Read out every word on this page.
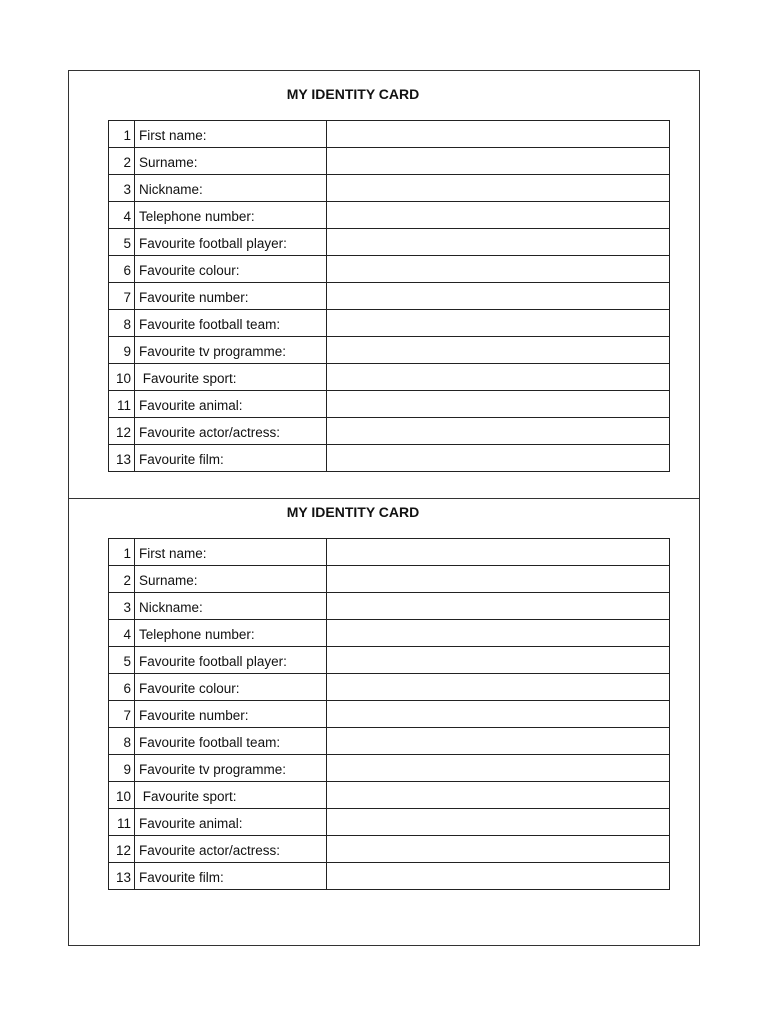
MY IDENTITY CARD
1	First name:	
2	Surname:	
3	Nickname:	
4	Telephone number:	
5	Favourite football player:	
6	Favourite colour:	
7	Favourite number:	
8	Favourite football team:	
9	Favourite tv programme:	
10	Favourite sport:	
11	Favourite animal:	
12	Favourite actor/actress:	
13	Favourite film:	
MY IDENTITY CARD
1	First name:	
2	Surname:	
3	Nickname:	
4	Telephone number:	
5	Favourite football player:	
6	Favourite colour:	
7	Favourite number:	
8	Favourite football team:	
9	Favourite tv programme:	
10	Favourite sport:	
11	Favourite animal:	
12	Favourite actor/actress:	
13	Favourite film:	
